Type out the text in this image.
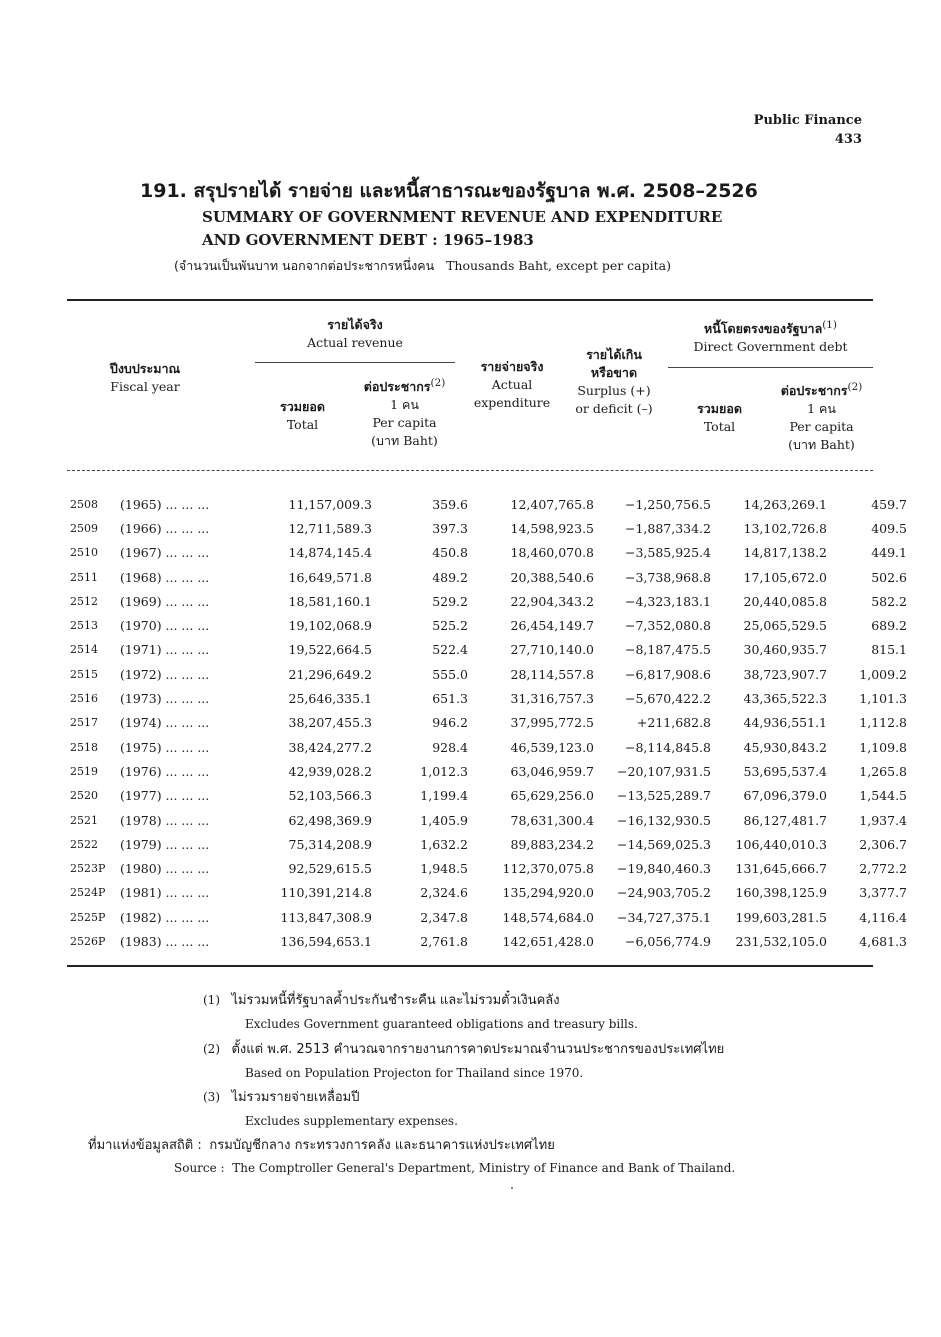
Public Finance
433
191. สรุปรายได้ รายจ่าย และหนี้สาธารณะของรัฐบาล พ.ศ. 2508–2526
SUMMARY OF GOVERNMENT REVENUE AND EXPENDITURE
AND GOVERNMENT DEBT : 1965–1983
(จำนวนเป็นพันบาท นอกจากต่อประชากรหนึ่งคน Thousands Baht, except per capita)
ปีงบประมาณ
Fiscal year
รายได้จริง
Actual revenue
รวมยอด
Total
ต่อประชากร$^{(2)}$
1 คน
Per capita
(บาท Baht)
รายจ่ายจริง
Actual
expenditure
รายได้เกิน
หรือขาด
Surplus (+)
or deficit (–)
หนี้โดยตรงของรัฐบาล$^{(1)}$
Direct Government debt
รวมยอด
Total
ต่อประชากร$^{(2)}$
1 คน
Per capita
(บาท Baht)
2508	(1965) ... ... ...	11,157,009.3	359.6	12,407,765.8	−1,250,756.5	14,263,269.1	459.7
2509	(1966) ... ... ...	12,711,589.3	397.3	14,598,923.5	−1,887,334.2	13,102,726.8	409.5
2510	(1967) ... ... ...	14,874,145.4	450.8	18,460,070.8	−3,585,925.4	14,817,138.2	449.1
2511	(1968) ... ... ...	16,649,571.8	489.2	20,388,540.6	−3,738,968.8	17,105,672.0	502.6
2512	(1969) ... ... ...	18,581,160.1	529.2	22,904,343.2	−4,323,183.1	20,440,085.8	582.2
2513	(1970) ... ... ...	19,102,068.9	525.2	26,454,149.7	−7,352,080.8	25,065,529.5	689.2
2514	(1971) ... ... ...	19,522,664.5	522.4	27,710,140.0	−8,187,475.5	30,460,935.7	815.1
2515	(1972) ... ... ...	21,296,649.2	555.0	28,114,557.8	−6,817,908.6	38,723,907.7	1,009.2
2516	(1973) ... ... ...	25,646,335.1	651.3	31,316,757.3	−5,670,422.2	43,365,522.3	1,101.3
2517	(1974) ... ... ...	38,207,455.3	946.2	37,995,772.5	+211,682.8	44,936,551.1	1,112.8
2518	(1975) ... ... ...	38,424,277.2	928.4	46,539,123.0	−8,114,845.8	45,930,843.2	1,109.8
2519	(1976) ... ... ...	42,939,028.2	1,012.3	63,046,959.7	−20,107,931.5	53,695,537.4	1,265.8
2520	(1977) ... ... ...	52,103,566.3	1,199.4	65,629,256.0	−13,525,289.7	67,096,379.0	1,544.5
2521	(1978) ... ... ...	62,498,369.9	1,405.9	78,631,300.4	−16,132,930.5	86,127,481.7	1,937.4
2522	(1979) ... ... ...	75,314,208.9	1,632.2	89,883,234.2	−14,569,025.3	106,440,010.3	2,306.7
2523P	(1980) ... ... ...	92,529,615.5	1,948.5	112,370,075.8	−19,840,460.3	131,645,666.7	2,772.2
2524P	(1981) ... ... ...	110,391,214.8	2,324.6	135,294,920.0	−24,903,705.2	160,398,125.9	3,377.7
2525P	(1982) ... ... ...	113,847,308.9	2,347.8	148,574,684.0	−34,727,375.1	199,603,281.5	4,116.4
2526P	(1983) ... ... ...	136,594,653.1	2,761.8	142,651,428.0	−6,056,774.9	231,532,105.0	4,681.3
(1) ไม่รวมหนี้ที่รัฐบาลค้ำประกันชำระคืน และไม่รวมตั๋วเงินคลัง
Excludes Government guaranteed obligations and treasury bills.
(2) ตั้งแต่ พ.ศ. 2513 คำนวณจากรายงานการคาดประมาณจำนวนประชากรของประเทศไทย
Based on Population Projecton for Thailand since 1970.
(3) ไม่รวมรายจ่ายเหลื่อมปี
Excludes supplementary expenses.
ที่มาแห่งข้อมูลสถิติ : กรมบัญชีกลาง กระทรวงการคลัง และธนาคารแห่งประเทศไทย
Source : The Comptroller General's Department, Ministry of Finance and Bank of Thailand.
